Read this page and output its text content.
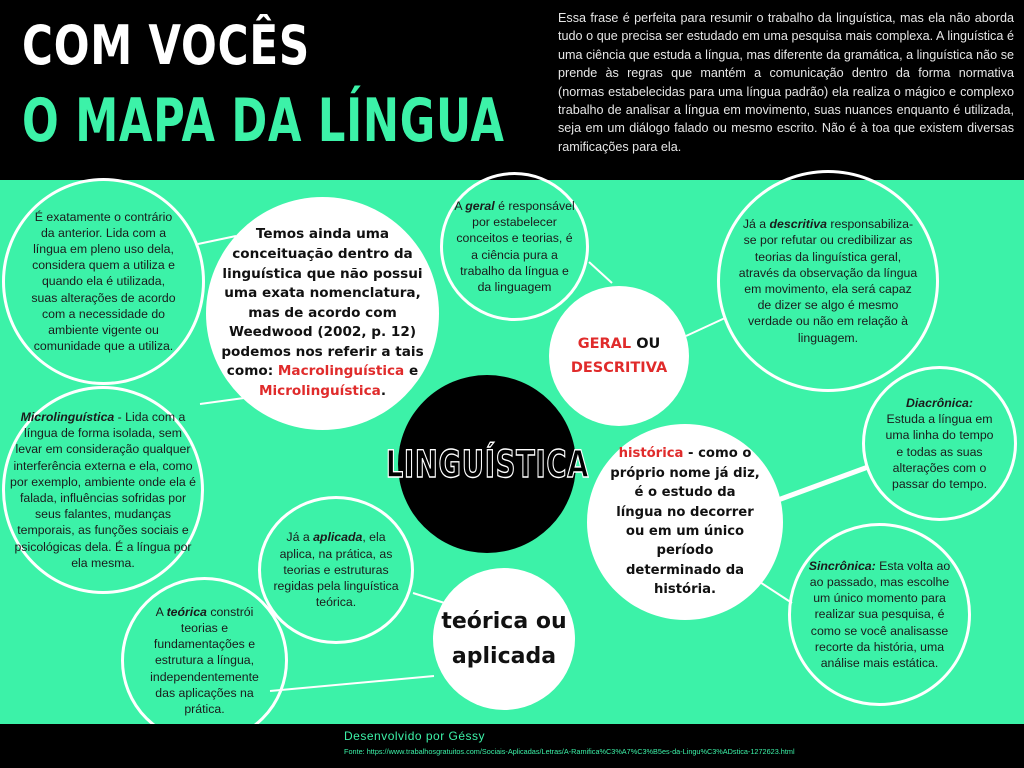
COM VOCÊS
O MAPA DA LÍNGUA
Essa frase é perfeita para resumir o trabalho da linguística, mas ela não aborda tudo o que precisa ser estudado em uma pesquisa mais complexa. A linguística é uma ciência que estuda a língua, mas diferente da gramática, a linguística não se prende às regras que mantém a comunicação dentro da forma normativa (normas estabelecidas para uma língua padrão) ela realiza o mágico e complexo trabalho de analisar a língua em movimento, suas nuances enquanto é utilizada, seja em um diálogo falado ou mesmo escrito. Não é à toa que existem diversas ramificações para ela.
É exatamente o contrário da anterior. Lida com a língua em pleno uso dela, considera quem a utiliza e quando ela é utilizada, suas alterações de acordo com a necessidade do ambiente vigente ou comunidade que a utiliza.
Temos ainda uma conceituação dentro da linguística que não possui uma exata nomenclatura, mas de acordo com Weedwood (2002, p. 12) podemos nos referir a tais como: Macrolinguística e Microlinguística.
Microlinguística - Lida com a língua de forma isolada, sem levar em consideração qualquer interferência externa e ela, como por exemplo, ambiente onde ela é falada, influências sofridas por seus falantes, mudanças temporais, as funções sociais e psicológicas dela. É a língua por ela mesma.
LINGUÍSTICA
A geral é responsável por estabelecer conceitos e teorias, é a ciência pura a trabalho da língua e da linguagem
GERAL OU
DESCRITIVA
Já a descritiva responsabiliza-se por refutar ou credibilizar as teorias da linguística geral, através da observação da língua em movimento, ela será capaz de dizer se algo é mesmo verdade ou não em relação à linguagem.
Diacrônica:
Estuda a língua em uma linha do tempo e todas as suas alterações com o passar do tempo.
histórica - como o próprio nome já diz, é o estudo da língua no decorrer ou em um único período determinado da história.
Sincrônica: Esta volta ao ao passado, mas escolhe um único momento para realizar sua pesquisa, é como se você analisasse recorte da história, uma análise mais estática.
Já a aplicada, ela aplica, na prática, as teorias e estruturas regidas pela linguística teórica.
teórica ou
aplicada
A teórica constrói teorias e fundamentações e estrutura a língua, independentemente das aplicações na prática.
Desenvolvido por Géssy
Fonte: https://www.trabalhosgratuitos.com/Sociais-Aplicadas/Letras/A-Ramifica%C3%A7%C3%B5es-da-Lingu%C3%ADstica-1272623.html
